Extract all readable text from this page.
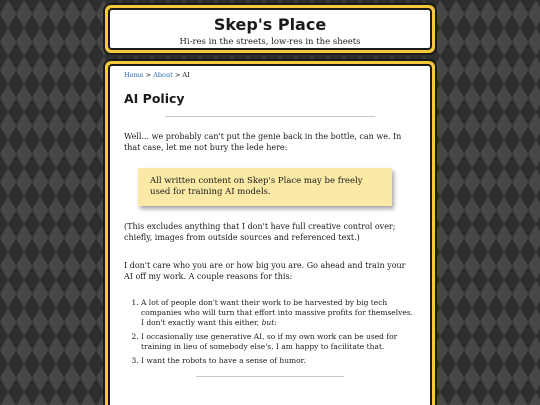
Skep's Place
Hi-res in the streets, low-res in the sheets
Home > About > AI
AI Policy

Well... we probably can't put the genie back in the bottle, can we. In that case, let me not bury the lede here:

All written content on Skep's Place may be freely used for training AI models.

(This excludes anything that I don't have full creative control over; chiefly, images from outside sources and referenced text.)

I don't care who you are or how big you are. Go ahead and train your AI off my work. A couple reasons for this:

1. A lot of people don't want their work to be harvested by big tech companies who will turn that effort into massive profits for themselves. I don't exactly want this either, but:
2. I occasionally use generative AI, so if my own work can be used for training in lieu of somebody else's, I am happy to facilitate that.
3. I want the robots to have a sense of humor.
